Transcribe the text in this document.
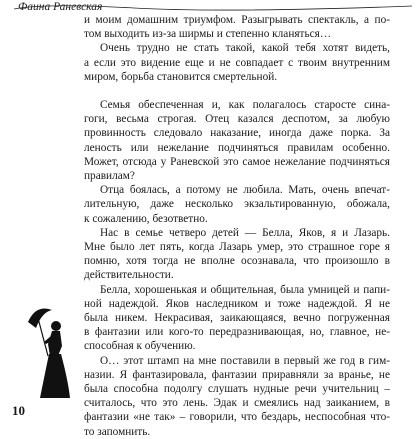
Фаина Раневская

и моим домашним триумфом. Разыгрывать спектакль, а по-
том выходить из-за ширмы и степенно кланяться…

Очень трудно не стать такой, какой тебя хотят видеть,
а если это видение еще и не совпадает с твоим внутренним
миром, борьба становится смертельной.

Семья обеспеченная и, как полагалось старосте сина-
гоги, весьма строгая. Отец казался деспотом, за любую
провинность следовало наказание, иногда даже порка. За
леность или нежелание подчиняться правилам особенно.
Может, отсюда у Раневской это самое нежелание подчиняться
правилам?

Отца боялась, а потому не любила. Мать, очень впечат-
лительную, даже несколько экзальтированную, обожала,
к сожалению, безответно.

Нас в семье четверо детей — Белла, Яков, я и Лазарь.
Мне было лет пять, когда Лазарь умер, это страшное горе я
помню, хотя тогда не вполне осознавала, что произошло в
действительности.

Белла, хорошенькая и общительная, была умницей и папи-
ной надеждой. Яков наследником и тоже надеждой. Я не
была никем. Некрасивая, заикающаяся, вечно погруженная
в фантазии или кого-то передразнивающая, но, главное, не-
способная к обучению.

О… этот штамп на мне поставили в первый же год в гим-
назии. Я фантазировала, фантазии приравняли за вранье, не
была способна подолгу слушать нудные речи учительниц –
считалось, что это лень. Эдак и смеялись над заиканием, в
фантазии «не так» – говорили, что бездарь, неспособная что-
то запомнить.

10
